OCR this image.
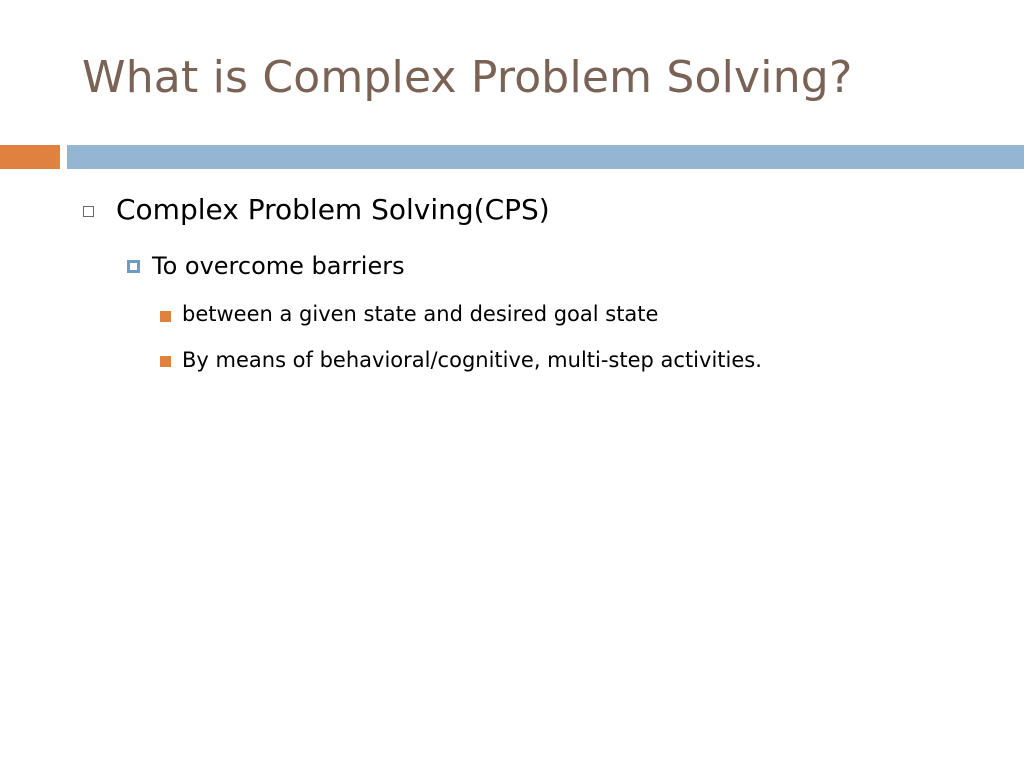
What is Complex Problem Solving?
Complex Problem Solving(CPS)
To overcome barriers
between a given state and desired goal state
By means of behavioral/cognitive, multi-step activities.
